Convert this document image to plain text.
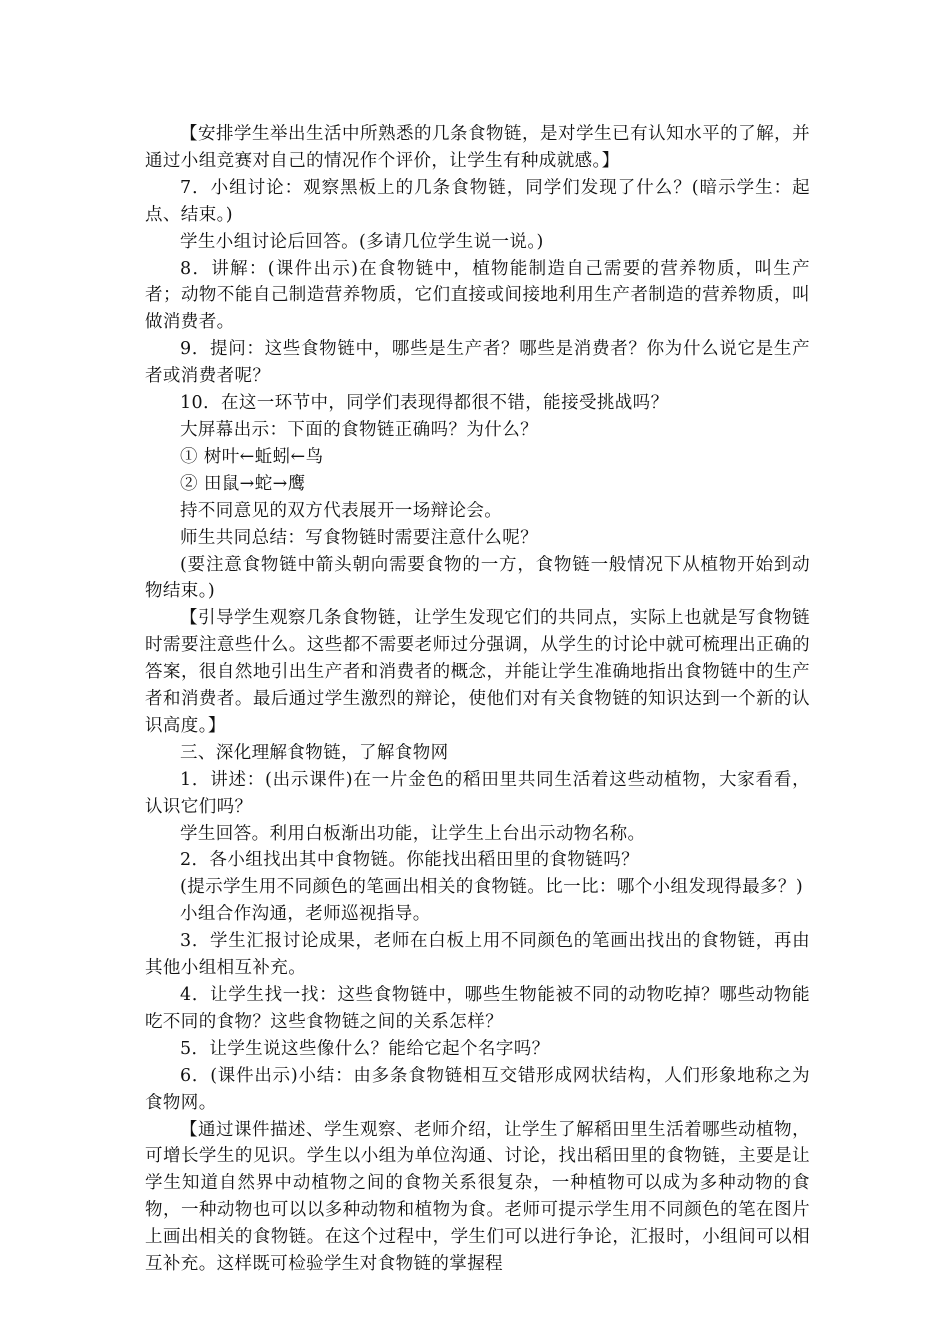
【安排学生举出生活中所熟悉的几条食物链，是对学生已有认知水平的了解，并通过小组竞赛对自己的情况作个评价，让学生有种成就感。】

7．小组讨论：观察黑板上的几条食物链，同学们发现了什么？(暗示学生：起点、结束。)

学生小组讨论后回答。(多请几位学生说一说。)

8．讲解：(课件出示)在食物链中，植物能制造自己需要的营养物质，叫生产者；动物不能自己制造营养物质，它们直接或间接地利用生产者制造的营养物质，叫做消费者。

9．提问：这些食物链中，哪些是生产者？哪些是消费者？你为什么说它是生产者或消费者呢？

10．在这一环节中，同学们表现得都很不错，能接受挑战吗？

大屏幕出示：下面的食物链正确吗？为什么？

① 树叶←蚯蚓←鸟

② 田鼠→蛇→鹰

持不同意见的双方代表展开一场辩论会。

师生共同总结：写食物链时需要注意什么呢？

(要注意食物链中箭头朝向需要食物的一方，食物链一般情况下从植物开始到动物结束。)

【引导学生观察几条食物链，让学生发现它们的共同点，实际上也就是写食物链时需要注意些什么。这些都不需要老师过分强调，从学生的讨论中就可梳理出正确的答案，很自然地引出生产者和消费者的概念，并能让学生准确地指出食物链中的生产者和消费者。最后通过学生激烈的辩论，使他们对有关食物链的知识达到一个新的认识高度。】

三、深化理解食物链，了解食物网

1．讲述：(出示课件)在一片金色的稻田里共同生活着这些动植物，大家看看，认识它们吗？

学生回答。利用白板渐出功能，让学生上台出示动物名称。

2．各小组找出其中食物链。你能找出稻田里的食物链吗？

(提示学生用不同颜色的笔画出相关的食物链。比一比：哪个小组发现得最多？)

小组合作沟通，老师巡视指导。

3．学生汇报讨论成果，老师在白板上用不同颜色的笔画出找出的食物链，再由其他小组相互补充。

4．让学生找一找：这些食物链中，哪些生物能被不同的动物吃掉？哪些动物能吃不同的食物？这些食物链之间的关系怎样？

5．让学生说这些像什么？能给它起个名字吗？

6．(课件出示)小结：由多条食物链相互交错形成网状结构，人们形象地称之为食物网。

【通过课件描述、学生观察、老师介绍，让学生了解稻田里生活着哪些动植物，可增长学生的见识。学生以小组为单位沟通、讨论，找出稻田里的食物链，主要是让学生知道自然界中动植物之间的食物关系很复杂，一种植物可以成为多种动物的食物，一种动物也可以以多种动物和植物为食。老师可提示学生用不同颜色的笔在图片上画出相关的食物链。在这个过程中，学生们可以进行争论，汇报时，小组间可以相互补充。这样既可检验学生对食物链的掌握程
